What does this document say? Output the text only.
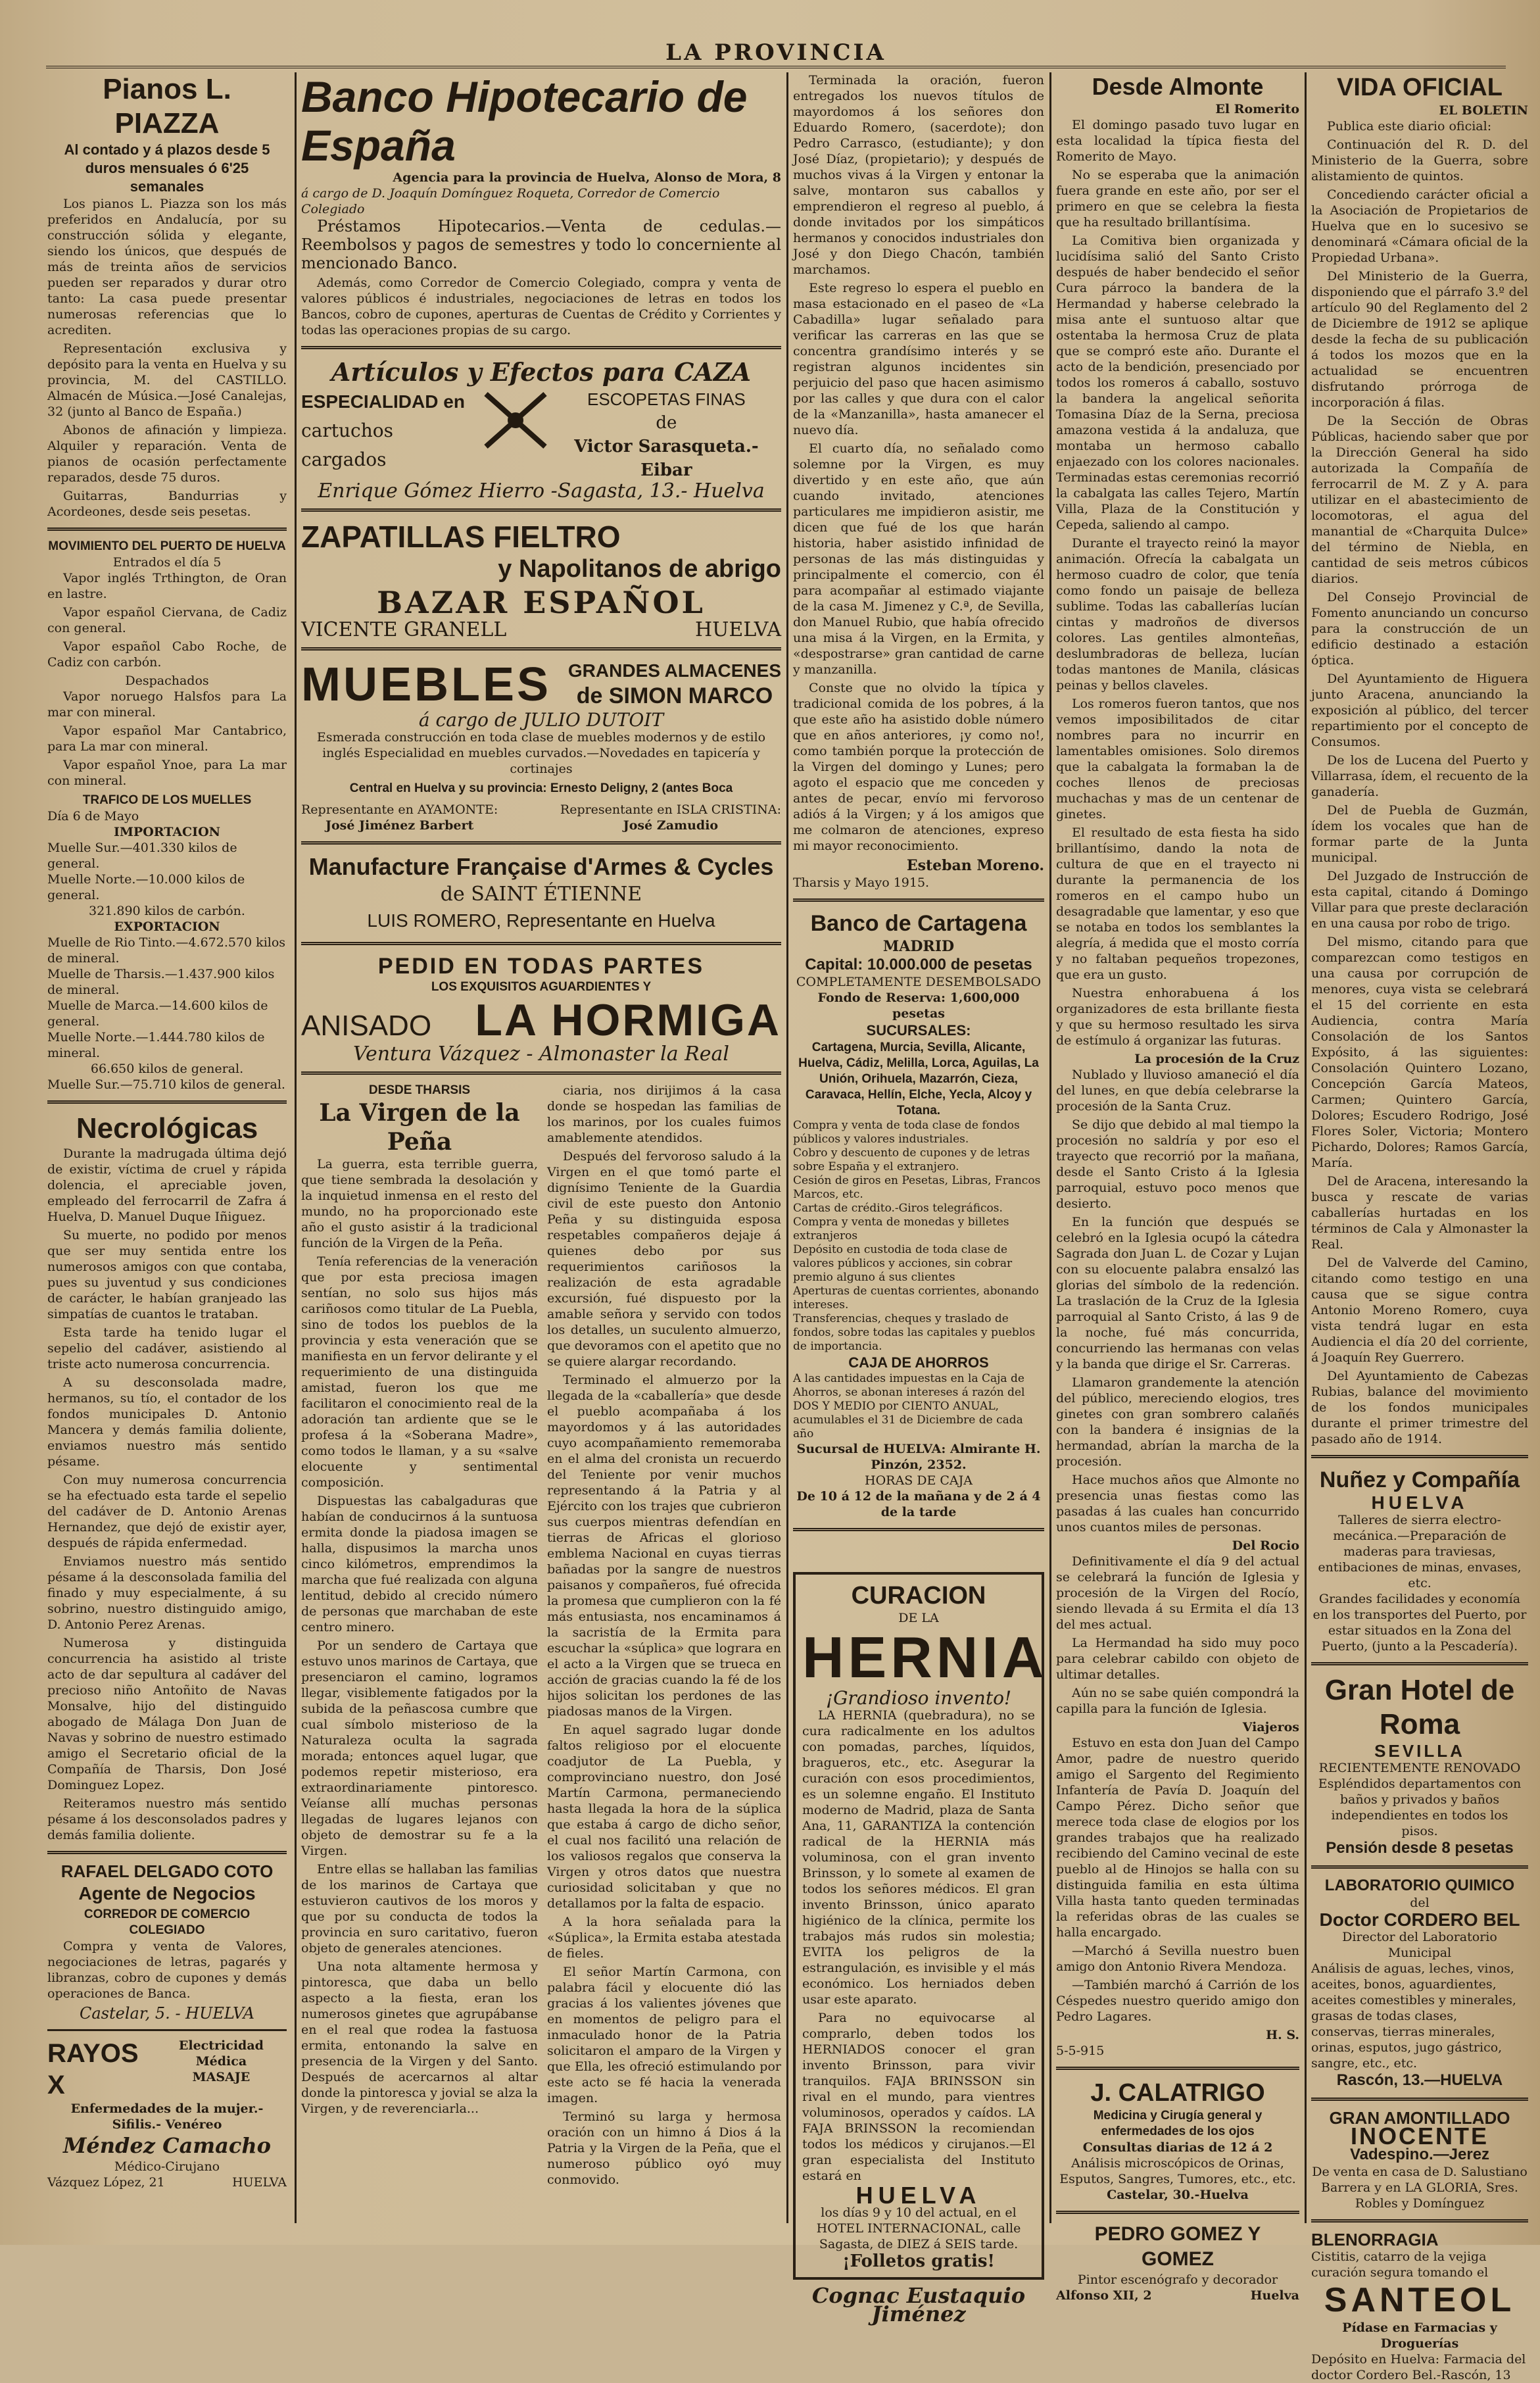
LA PROVINCIA
Pianos L. PIAZZA
Al contado y á plazos desde 5 duros mensuales ó 6'25 semanales

Los pianos L. Piazza son los más preferidos en Andalucía, por su construcción sólida y elegante, siendo los únicos, que después de más de treinta años de servicios pueden ser reparados y durar otro tanto: La casa puede presentar numerosas referencias que lo acrediten.

Representación exclusiva y depósito para la venta en Huelva y su provincia, M. del CASTILLO. Almacén de Música.—José Canalejas, 32 (junto al Banco de España.)

Abonos de afinación y limpieza. Alquiler y reparación. Venta de pianos de ocasión perfectamente reparados, desde 75 duros.

Guitarras, Bandurrias y Acordeones, desde seis pesetas.

MOVIMIENTO DEL PUERTO DE HUELVA
Entrados el día 5

Vapor inglés Trthington, de Oran en lastre.

Vapor español Ciervana, de Cadiz con general.

Vapor español Cabo Roche, de Cadiz con carbón.

Despachados

Vapor noruego Halsfos para La mar con mineral.

Vapor español Mar Cantabrico, para La mar con mineral.

Vapor español Ynoe, para La mar con mineral.

TRAFICO DE LOS MUELLES
Día 6 de Mayo
IMPORTACION
Muelle Sur.—401.330 kilos de general.
Muelle Norte.—10.000 kilos de general.
321.890 kilos de carbón.
EXPORTACION
Muelle de Rio Tinto.—4.672.570 kilos de mineral.
Muelle de Tharsis.—1.437.900 kilos de mineral.
Muelle de Marca.—14.600 kilos de general.
Muelle Norte.—1.444.780 kilos de mineral.
66.650 kilos de general.
Muelle Sur.—75.710 kilos de general.
Necrológicas

Durante la madrugada última dejó de existir, víctima de cruel y rápida dolencia, el apreciable joven, empleado del ferrocarril de Zafra á Huelva, D. Manuel Duque Iñiguez.

Su muerte, no podido por menos que ser muy sentida entre los numerosos amigos con que contaba, pues su juventud y sus condiciones de carácter, le habían granjeado las simpatías de cuantos le trataban.

Esta tarde ha tenido lugar el sepelio del cadáver, asistiendo al triste acto numerosa concurrencia.

A su desconsolada madre, hermanos, su tío, el contador de los fondos municipales D. Antonio Mancera y demás familia doliente, enviamos nuestro más sentido pésame.

Con muy numerosa concurrencia se ha efectuado esta tarde el sepelio del cadáver de D. Antonio Arenas Hernandez, que dejó de existir ayer, después de rápida enfermedad.

Enviamos nuestro más sentido pésame á la desconsolada familia del finado y muy especialmente, á su sobrino, nuestro distinguido amigo, D. Antonio Perez Arenas.

Numerosa y distinguida concurrencia ha asistido al triste acto de dar sepultura al cadáver del precioso niño Antoñito de Navas Monsalve, hijo del distinguido abogado de Málaga Don Juan de Navas y sobrino de nuestro estimado amigo el Secretario oficial de la Compañía de Tharsis, Don José Dominguez Lopez.

Reiteramos nuestro más sentido pésame á los desconsolados padres y demás familia doliente.

RAFAEL DELGADO COTO
Agente de Negocios
CORREDOR DE COMERCIO COLEGIADO

Compra y venta de Valores, negociaciones de letras, pagarés y libranzas, cobro de cupones y demás operaciones de Banca.

Castelar, 5. - HUELVA
RAYOS X
Electricidad Médica
MASAJE
Enfermedades de la mujer.- Sifilis.- Venéreo
Méndez Camacho
Médico-Cirujano
Vázquez López, 21	HUELVA
Banco Hipotecario de España
Agencia para la provincia de Huelva, Alonso de Mora, 8
á cargo de D. Joaquín Domínguez Roqueta, Corredor de Comercio Colegiado

Préstamos Hipotecarios.—Venta de cedulas.—Reembolsos y pagos de semestres y todo lo concerniente al mencionado Banco.

Además, como Corredor de Comercio Colegiado, compra y venta de valores públicos é industriales, negociaciones de letras en todos los Bancos, cobro de cupones, aperturas de Cuentas de Crédito y Corrientes y todas las operaciones propias de su cargo.

Artículos y Efectos para CAZA
ESPECIALIDAD en
cartuchos cargados
ESCOPETAS FINAS
de
Victor Sarasqueta.-Eibar
Enrique Gómez Hierro -Sagasta, 13.- Huelva
ZAPATILLAS FIELTRO
y Napolitanos de abrigo
BAZAR ESPAÑOL
VICENTE GRANELL	HUELVA
MUEBLES GRANDES ALMACENES
de SIMON MARCO
á cargo de JULIO DUTOIT
Esmerada construcción en toda clase de muebles modernos y de estilo inglés Especialidad en muebles curvados.—Novedades en tapicería y cortinajes
Central en Huelva y su provincia: Ernesto Deligny, 2 (antes Boca
Representante en AYAMONTE:
José Jiménez Barbert
Representante en ISLA CRISTINA:
José Zamudio
Manufacture Française d'Armes & Cycles
de SAINT ÉTIENNE
LUIS ROMERO, Representante en Huelva
PEDID EN TODAS PARTES
LOS EXQUISITOS AGUARDIENTES Y
ANISADO LA HORMIGA
Ventura Vázquez - Almonaster la Real
DESDE THARSIS
La Virgen de la Peña

La guerra, esta terrible guerra, que tiene sembrada la desolación y la inquietud inmensa en el resto del mundo, no ha proporcionado este año el gusto asistir á la tradicional función de la Virgen de la Peña.

Tenía referencias de la veneración que por esta preciosa imagen sentían, no solo sus hijos más cariñosos como titular de La Puebla, sino de todos los pueblos de la provincia y esta veneración que se manifiesta en un fervor delirante y el requerimiento de una distinguida amistad, fueron los que me facilitaron el conocimiento real de la adoración tan ardiente que se le profesa á la «Soberana Madre», como todos le llaman, y a su «salve elocuente y sentimental composición.

Dispuestas las cabalgaduras que habían de conducirnos á la suntuosa ermita donde la piadosa imagen se halla, dispusimos la marcha unos cinco kilómetros, emprendimos la marcha que fué realizada con alguna lentitud, debido al crecido número de personas que marchaban de este centro minero.

Por un sendero de Cartaya que estuvo unos marinos de Cartaya, que presenciaron el camino, logramos llegar, visiblemente fatigados por la subida de la peñascosa cumbre que cual símbolo misterioso de la Naturaleza oculta la sagrada morada; entonces aquel lugar, que podemos repetir misterioso, era extraordinariamente pintoresco. Veíanse allí muchas personas llegadas de lugares lejanos con objeto de demostrar su fe a la Virgen.

Entre ellas se hallaban las familias de los marinos de Cartaya que estuvieron cautivos de los moros y que por su conducta de todos la provincia en suro caritativo, fueron objeto de generales atenciones.

Una nota altamente hermosa y pintoresca, que daba un bello aspecto a la fiesta, eran los numerosos ginetes que agrupábanse en el real que rodea la fastuosa ermita, entonando la salve en presencia de la Virgen y del Santo. Después de acercarnos al altar donde la pintoresca y jovial se alza la Virgen, y de reverenciarla...

ciaria, nos dirijimos á la casa donde se hospedan las familias de los marinos, por los cuales fuimos amablemente atendidos.

Después del fervoroso saludo á la Virgen en el que tomó parte el dignísimo Teniente de la Guardia civil de este puesto don Antonio Peña y su distinguida esposa respetables compañeros dejaje á quienes debo por sus requerimientos cariñosos la realización de esta agradable excursión, fué dispuesto por la amable señora y servido con todos los detalles, un suculento almuerzo, que devoramos con el apetito que no se quiere alargar recordando.

Terminado el almuerzo por la llegada de la «caballería» que desde el pueblo acompañaba á los mayordomos y á las autoridades cuyo acompañamiento rememoraba en el alma del cronista un recuerdo del Teniente por venir muchos representando á la Patria y al Ejército con los trajes que cubrieron sus cuerpos mientras defendían en tierras de Africas el glorioso emblema Nacional en cuyas tierras bañadas por la sangre de nuestros paisanos y compañeros, fué ofrecida la promesa que cumplieron con la fé más entusiasta, nos encaminamos á la sacristía de la Ermita para escuchar la «súplica» que lograra en el acto a la Virgen que se trueca en acción de gracias cuando la fé de los hijos solicitan los perdones de las piadosas manos de la Virgen.

En aquel sagrado lugar donde faltos religioso por el elocuente coadjutor de La Puebla, y comprovinciano nuestro, don José Martín Carmona, permaneciendo hasta llegada la hora de la súplica que estaba á cargo de dicho señor, el cual nos facilitó una relación de los valiosos regalos que conserva la Virgen y otros datos que nuestra curiosidad solicitaban y que no detallamos por la falta de espacio.

A la hora señalada para la «Súplica», la Ermita estaba atestada de fieles.

El señor Martín Carmona, con palabra fácil y elocuente dió las gracias á los valientes jóvenes que en momentos de peligro para el inmaculado honor de la Patria solicitaron el amparo de la Virgen y que Ella, les ofreció estimulando por este acto se fé hacia la venerada imagen.

Terminó su larga y hermosa oración con un himno á Dios á la Patria y la Virgen de la Peña, que el numeroso público oyó muy conmovido.

Terminada la oración, fueron entregados los nuevos títulos de mayordomos á los señores don Eduardo Romero, (sacerdote); don Pedro Carrasco, (estudiante); y don José Díaz, (propietario); y después de muchos vivas á la Virgen y entonar la salve, montaron sus caballos y emprendieron el regreso al pueblo, á donde invitados por los simpáticos hermanos y conocidos industriales don José y don Diego Chacón, también marchamos.

Este regreso lo espera el pueblo en masa estacionado en el paseo de «La Cabadilla» lugar señalado para verificar las carreras en las que se concentra grandísimo interés y se registran algunos incidentes sin perjuicio del paso que hacen asimismo por las calles y que dura con el calor de la «Manzanilla», hasta amanecer el nuevo día.

El cuarto día, no señalado como solemne por la Virgen, es muy divertido y en este año, que aún cuando invitado, atenciones particulares me impidieron asistir, me dicen que fué de los que harán historia, haber asistido infinidad de personas de las más distinguidas y principalmente el comercio, con él para acompañar al estimado viajante de la casa M. Jimenez y C.ª, de Sevilla, don Manuel Rubio, que había ofrecido una misa á la Virgen, en la Ermita, y «despostrarse» gran cantidad de carne y manzanilla.

Conste que no olvido la típica y tradicional comida de los pobres, á la que este año ha asistido doble número que en años anteriores, ¡y como no!, como también porque la protección de la Virgen del domingo y Lunes; pero agoto el espacio que me conceden y antes de pecar, envío mi fervoroso adiós á la Virgen; y á los amigos que me colmaron de atenciones, expreso mi mayor reconocimiento.

Esteban Moreno.
Tharsis y Mayo 1915.
Banco de Cartagena
MADRID
Capital: 10.000.000 de pesetas
COMPLETAMENTE DESEMBOLSADO
Fondo de Reserva: 1,600,000 pesetas
SUCURSALES:
Cartagena, Murcia, Sevilla, Alicante, Huelva, Cádiz, Melilla, Lorca, Aguilas, La Unión, Orihuela, Mazarrón, Cieza, Caravaca, Hellín, Elche, Yecla, Alcoy y Totana.
Compra y venta de toda clase de fondos públicos y valores industriales.
Cobro y descuento de cupones y de letras sobre España y el extranjero.
Cesión de giros en Pesetas, Libras, Francos Marcos, etc.
Cartas de crédito.-Giros telegráficos.
Compra y venta de monedas y billetes extranjeros
Depósito en custodia de toda clase de valores públicos y acciones, sin cobrar premio alguno á sus clientes
Aperturas de cuentas corrientes, abonando intereses.
Transferencias, cheques y traslado de fondos, sobre todas las capitales y pueblos de importancia.
CAJA DE AHORROS
A las cantidades impuestas en la Caja de Ahorros, se abonan intereses á razón del DOS Y MEDIO por CIENTO ANUAL, acumulables el 31 de Diciembre de cada año
Sucursal de HUELVA: Almirante H. Pinzón, 2352.
HORAS DE CAJA
De 10 á 12 de la mañana y de 2 á 4 de la tarde
CURACION
DE LA
HERNIA
¡Grandioso invento!

LA HERNIA (quebradura), no se cura radicalmente en los adultos con pomadas, parches, líquidos, bragueros, etc., etc. Asegurar la curación con esos procedimientos, es un solemne engaño. El Instituto moderno de Madrid, plaza de Santa Ana, 11, GARANTIZA la contención radical de la HERNIA más voluminosa, con el gran invento Brinsson, y lo somete al examen de todos los señores médicos. El gran invento Brinsson, único aparato higiénico de la clínica, permite los trabajos más rudos sin molestia; EVITA los peligros de la estrangulación, es invisible y el más económico. Los herniados deben usar este aparato.

Para no equivocarse al comprarlo, deben todos los HERNIADOS conocer el gran invento Brinsson, para vivir tranquilos. FAJA BRINSSON sin rival en el mundo, para vientres voluminosos, operados y caídos. LA FAJA BRINSSON la recomiendan todos los médicos y cirujanos.—El gran especialista del Instituto estará en

HUELVA
los días 9 y 10 del actual, en el HOTEL INTERNACIONAL, calle Sagasta, de DIEZ á SEIS tarde.
¡Folletos gratis!
Cognac Eustaquio Jiménez
Desde Almonte
El Romerito

El domingo pasado tuvo lugar en esta localidad la típica fiesta del Romerito de Mayo.

No se esperaba que la animación fuera grande en este año, por ser el primero en que se celebra la fiesta que ha resultado brillantísima.

La Comitiva bien organizada y lucidísima salió del Santo Cristo después de haber bendecido el señor Cura párroco la bandera de la Hermandad y haberse celebrado la misa ante el suntuoso altar que ostentaba la hermosa Cruz de plata que se compró este año. Durante el acto de la bendición, presenciado por todos los romeros á caballo, sostuvo la bandera la angelical señorita Tomasina Díaz de la Serna, preciosa amazona vestida á la andaluza, que montaba un hermoso caballo enjaezado con los colores nacionales. Terminadas estas ceremonias recorrió la cabalgata las calles Tejero, Martín Villa, Plaza de la Constitución y Cepeda, saliendo al campo.

Durante el trayecto reinó la mayor animación. Ofrecía la cabalgata un hermoso cuadro de color, que tenía como fondo un paisaje de belleza sublime. Todas las caballerías lucían cintas y madroños de diversos colores. Las gentiles almonteñas, deslumbradoras de belleza, lucían todas mantones de Manila, clásicas peinas y bellos claveles.

Los romeros fueron tantos, que nos vemos imposibilitados de citar nombres para no incurrir en lamentables omisiones. Solo diremos que la cabalgata la formaban la de coches llenos de preciosas muchachas y mas de un centenar de ginetes.

El resultado de esta fiesta ha sido brillantísimo, dando la nota de cultura de que en el trayecto ni durante la permanencia de los romeros en el campo hubo un desagradable que lamentar, y eso que se notaba en todos los semblantes la alegría, á medida que el mosto corría y no faltaban pequeños tropezones, que era un gusto.

Nuestra enhorabuena á los organizadores de esta brillante fiesta y que su hermoso resultado les sirva de estímulo á organizar las futuras.

La procesión de la Cruz

Nublado y lluvioso amaneció el día del lunes, en que debía celebrarse la procesión de la Santa Cruz.

Se dijo que debido al mal tiempo la procesión no saldría y por eso el trayecto que recorrió por la mañana, desde el Santo Cristo á la Iglesia parroquial, estuvo poco menos que desierto.

En la función que después se celebró en la Iglesia ocupó la cátedra Sagrada don Juan L. de Cozar y Lujan con su elocuente palabra ensalzó las glorias del símbolo de la redención. La traslación de la Cruz de la Iglesia parroquial al Santo Cristo, á las 9 de la noche, fué más concurrida, concurriendo las hermanas con velas y la banda que dirige el Sr. Carreras.

Llamaron grandemente la atención del público, mereciendo elogios, tres ginetes con gran sombrero calañés con la bandera é insignias de la hermandad, abrían la marcha de la procesión.

Hace muchos años que Almonte no presencia unas fiestas como las pasadas á las cuales han concurrido unos cuantos miles de personas.

Del Rocio

Definitivamente el día 9 del actual se celebrará la función de Iglesia y procesión de la Virgen del Rocío, siendo llevada á su Ermita el día 13 del mes actual.

La Hermandad ha sido muy poco para celebrar cabildo con objeto de ultimar detalles.

Aún no se sabe quién compondrá la capilla para la función de Iglesia.

Viajeros

Estuvo en esta don Juan del Campo Amor, padre de nuestro querido amigo el Sargento del Regimiento Infantería de Pavía D. Joaquín del Campo Pérez. Dicho señor que merece toda clase de elogios por los grandes trabajos que ha realizado recibiendo del Camino vecinal de este pueblo al de Hinojos se halla con su distinguida familia en esta última Villa hasta tanto queden terminadas la referidas obras de las cuales se halla encargado.

—Marchó á Sevilla nuestro buen amigo don Antonio Rivera Mendoza.

—También marchó á Carrión de los Céspedes nuestro querido amigo don Pedro Lagares.

H. S.
5-5-915
J. CALATRIGO
Medicina y Cirugía general y enfermedades de los ojos
Consultas diarias de 12 á 2
Análisis microscópicos de Orinas, Esputos, Sangres, Tumores, etc., etc.
Castelar, 30.-Huelva
PEDRO GOMEZ Y GOMEZ
Pintor escenógrafo y decorador
Alfonso XII, 2	Huelva
VIDA OFICIAL
EL BOLETIN

Publica este diario oficial:

Continuación del R. D. del Ministerio de la Guerra, sobre alistamiento de quintos.

Concediendo carácter oficial a la Asociación de Propietarios de Huelva que en lo sucesivo se denominará «Cámara oficial de la Propiedad Urbana».

Del Ministerio de la Guerra, disponiendo que el párrafo 3.º del artículo 90 del Reglamento del 2 de Diciembre de 1912 se aplique desde la fecha de su publicación á todos los mozos que en la actualidad se encuentren disfrutando prórroga de incorporación á filas.

De la Sección de Obras Públicas, haciendo saber que por la Dirección General ha sido autorizada la Compañía de ferrocarril de M. Z y A. para utilizar en el abastecimiento de locomotoras, el agua del manantial de «Charquita Dulce» del término de Niebla, en cantidad de seis metros cúbicos diarios.

Del Consejo Provincial de Fomento anunciando un concurso para la construcción de un edificio destinado a estación óptica.

Del Ayuntamiento de Higuera junto Aracena, anunciando la exposición al público, del tercer repartimiento por el concepto de Consumos.

De los de Lucena del Puerto y Villarrasa, ídem, el recuento de la ganadería.

Del de Puebla de Guzmán, ídem los vocales que han de formar parte de la Junta municipal.

Del Juzgado de Instrucción de esta capital, citando á Domingo Villar para que preste declaración en una causa por robo de trigo.

Del mismo, citando para que comparezcan como testigos en una causa por corrupción de menores, cuya vista se celebrará el 15 del corriente en esta Audiencia, contra María Consolación de los Santos Expósito, á las siguientes: Consolación Quintero Lozano, Concepción García Mateos, Carmen; Quintero García, Dolores; Escudero Rodrigo, José Flores Soler, Victoria; Montero Pichardo, Dolores; Ramos García, María.

Del de Aracena, interesando la busca y rescate de varias caballerías hurtadas en los términos de Cala y Almonaster la Real.

Del de Valverde del Camino, citando como testigo en una causa que se sigue contra Antonio Moreno Romero, cuya vista tendrá lugar en esta Audiencia el día 20 del corriente, á Joaquín Rey Guerrero.

Del Ayuntamiento de Cabezas Rubias, balance del movimiento de los fondos municipales durante el primer trimestre del pasado año de 1914.

Nuñez y Compañía
HUELVA
Talleres de sierra electro-mecánica.—Preparación de maderas para traviesas, entibaciones de minas, envases, etc.
Grandes facilidades y economía en los transportes del Puerto, por estar situados en la Zona del Puerto, (junto a la Pescadería).
Gran Hotel de Roma
SEVILLA
RECIENTEMENTE RENOVADO
Espléndidos departamentos con baños y privados y baños independientes en todos los pisos.
Pensión desde 8 pesetas
LABORATORIO QUIMICO
del
Doctor CORDERO BEL
Director del Laboratorio Municipal
Análisis de aguas, leches, vinos, aceites, bonos, aguardientes, aceites comestibles y minerales, grasas de todas clases, conservas, tierras minerales, orinas, esputos, jugo gástrico, sangre, etc., etc.
Rascón, 13.—HUELVA
GRAN AMONTILLADO
INOCENTE
Vadespino.—Jerez
De venta en casa de D. Salustiano Barrera y en LA GLORIA, Sres. Robles y Domínguez
BLENORRAGIA
Cistitis, catarro de la vejiga curación segura tomando el
SANTEOL
Pídase en Farmacias y Droguerías
Depósito en Huelva: Farmacia del doctor Cordero Bel.-Rascón, 13
